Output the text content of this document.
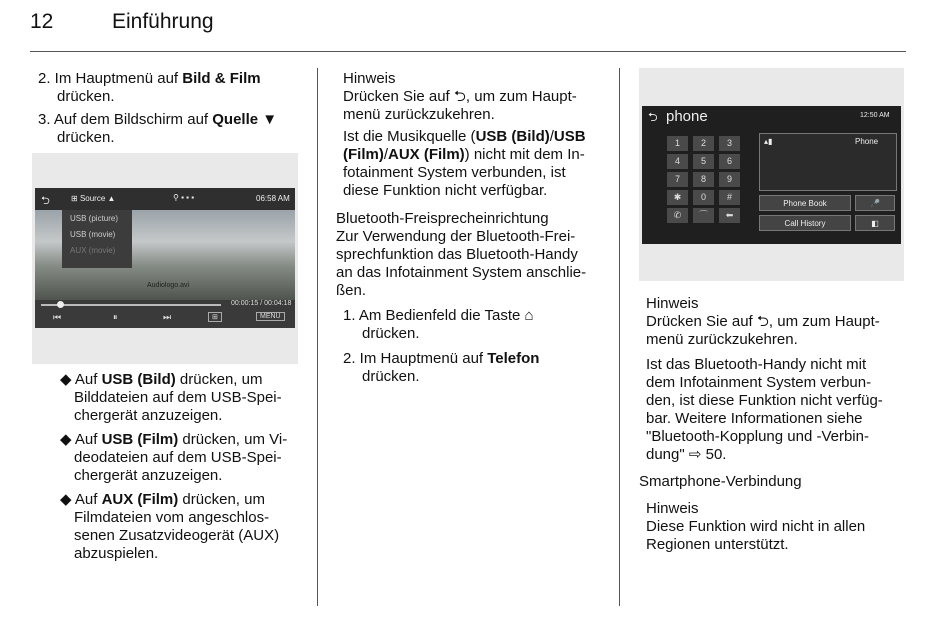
12	Einführung
2. Im Hauptmenü auf Bild & Film
drücken.
3. Auf dem Bildschirm auf Quelle ▼
drücken.
Audiologo.avi
⮌	⊞ Source ▲	⚲ ▪ ▪ ▪	06:58 AM
USB (picture)
USB (movie)
AUX (movie)
00:00:15 / 00:04:18
⏮	⏸	⏭	⊞	MENU
◆ Auf USB (Bild) drücken, um
Bilddateien auf dem USB-Spei-
chergerät anzuzeigen.
◆ Auf USB (Film) drücken, um Vi-
deodateien auf dem USB-Spei-
chergerät anzuzeigen.
◆ Auf AUX (Film) drücken, um
Filmdateien vom angeschlos-
senen Zusatzvideogerät (AUX)
abzuspielen.
Hinweis
Drücken Sie auf ⮌, um zum Haupt-
menü zurückzukehren.
Ist die Musikquelle (USB (Bild)/USB
(Film)/AUX (Film)) nicht mit dem In-
fotainment System verbunden, ist
diese Funktion nicht verfügbar.
Bluetooth-Freisprecheinrichtung
Zur Verwendung der Bluetooth-Frei-
sprechfunktion das Bluetooth-Handy
an das Infotainment System anschlie-
ßen.
1. Am Bedienfeld die Taste ⌂
drücken.
2. Im Hauptmenü auf Telefon
drücken.
⮌ phone	12:50 AM
1	2	3
4	5	6
7	8	9
✱	0	#
✆	⌒	⬅
▴▮	Phone
Phone Book	🎤
Call History	◧
Hinweis
Drücken Sie auf ⮌, um zum Haupt-
menü zurückzukehren.
Ist das Bluetooth-Handy nicht mit
dem Infotainment System verbun-
den, ist diese Funktion nicht verfüg-
bar. Weitere Informationen siehe
"Bluetooth-Kopplung und -Verbin-
dung" ⇨ 50.
Smartphone-Verbindung
Hinweis
Diese Funktion wird nicht in allen
Regionen unterstützt.
